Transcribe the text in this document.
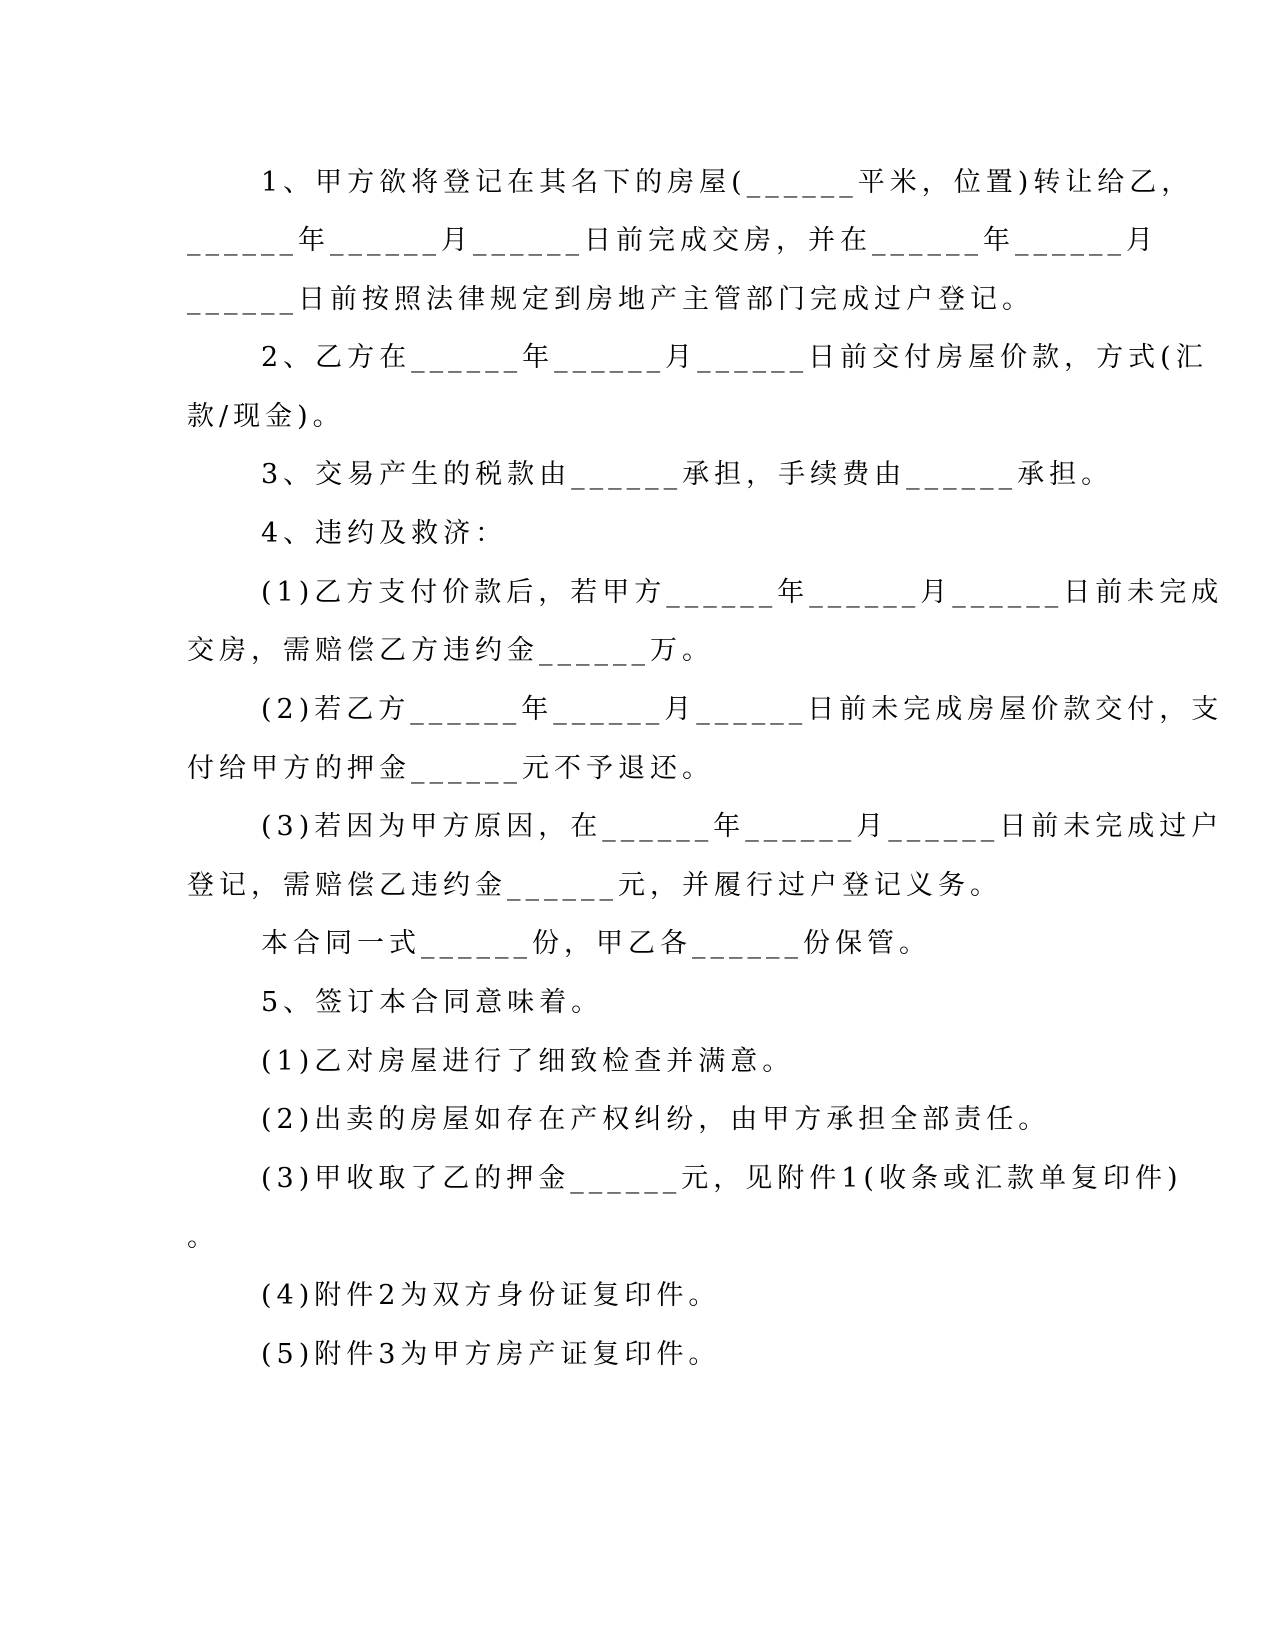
1、甲方欲将登记在其名下的房屋(______平米，位置)转让给乙，
______年______月______日前完成交房，并在______年______月
______日前按照法律规定到房地产主管部门完成过户登记。
2、乙方在______年______月______日前交付房屋价款，方式(汇
款/现金)。
3、交易产生的税款由______承担，手续费由______承担。
4、违约及救济：
(1)乙方支付价款后，若甲方______年______月______日前未完成
交房，需赔偿乙方违约金______万。
(2)若乙方______年______月______日前未完成房屋价款交付，支
付给甲方的押金______元不予退还。
(3)若因为甲方原因，在______年______月______日前未完成过户
登记，需赔偿乙违约金______元，并履行过户登记义务。
本合同一式______份，甲乙各______份保管。
5、签订本合同意味着。
(1)乙对房屋进行了细致检查并满意。
(2)出卖的房屋如存在产权纠纷，由甲方承担全部责任。
(3)甲收取了乙的押金______元，见附件1(收条或汇款单复印件)
。
(4)附件2为双方身份证复印件。
(5)附件3为甲方房产证复印件。
